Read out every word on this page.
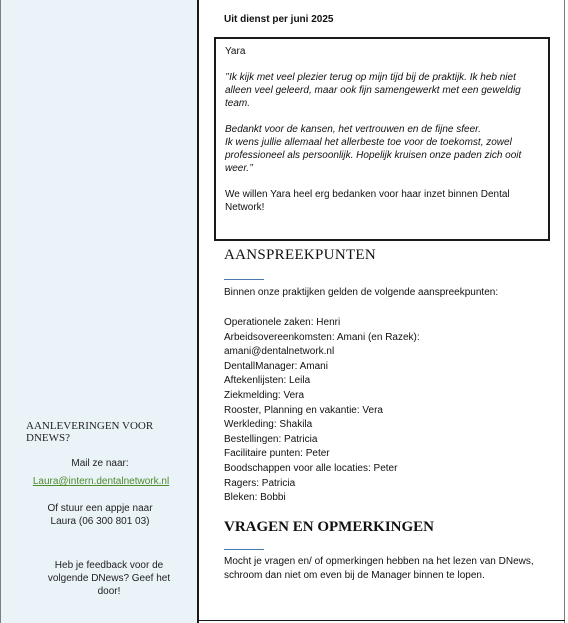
AANLEVERINGEN VOOR DNEWS?
Mail ze naar:
Laura@intern.dentalnetwork.nl
Of stuur een appje naar Laura (06 300 801 03)
Heb je feedback voor de volgende DNews? Geef het door!
Uit dienst per juni 2025

Yara

’’Ik kijk met veel plezier terug op mijn tijd bij de praktijk. Ik heb niet alleen veel geleerd, maar ook fijn samengewerkt met een geweldig team.

Bedankt voor de kansen, het vertrouwen en de fijne sfeer.

Ik wens jullie allemaal het allerbeste toe voor de toekomst, zowel professioneel als persoonlijk. Hopelijk kruisen onze paden zich ooit weer.’’

We willen Yara heel erg bedanken voor haar inzet binnen Dental Network!

AANSPREEKPUNTEN
Binnen onze praktijken gelden de volgende aanspreekpunten:
Operationele zaken: Henri
Arbeidsovereenkomsten: Amani (en Razek):
amani@dentalnetwork.nl
DentallManager: Amani
Aftekenlijsten: Leila
Ziekmelding: Vera
Rooster, Planning en vakantie: Vera
Werkleding: Shakila
Bestellingen: Patricia
Facilitaire punten: Peter
Boodschappen voor alle locaties: Peter
Ragers: Patricia
Bleken: Bobbi
VRAGEN EN OPMERKINGEN
Mocht je vragen en/ of opmerkingen hebben na het lezen van DNews, schroom dan niet om even bij de Manager binnen te lopen.
